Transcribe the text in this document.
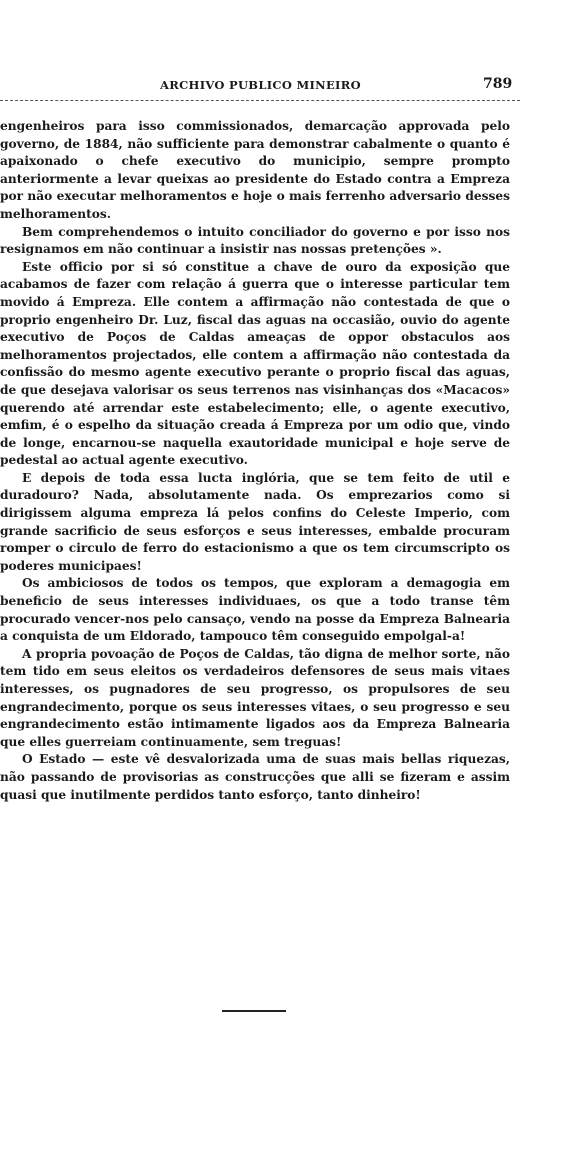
ARCHIVO PUBLICO MINEIRO	789

engenheiros para isso commissionados, demarcação approvada pelo governo, de 1884, não sufficiente para demonstrar cabalmente o quanto é apaixonado o chefe executivo do municipio, sempre prompto anteriormente a levar queixas ao presidente do Estado contra a Empreza por não executar melhoramentos e hoje o mais ferrenho adversario desses melhoramentos.

Bem comprehendemos o intuito conciliador do governo e por isso nos resignamos em não continuar a insistir nas nossas pretenções ».

Este officio por si só constitue a chave de ouro da exposição que acabamos de fazer com relação á guerra que o interesse particular tem movido á Empreza. Elle contem a affirmação não contestada de que o proprio engenheiro Dr. Luz, fiscal das aguas na occasião, ouvio do agente executivo de Poços de Caldas ameaças de oppor obstaculos aos melhoramentos projectados, elle contem a affirmação não contestada da confissão do mesmo agente executivo perante o proprio fiscal das aguas, de que desejava valorisar os seus terrenos nas visinhanças dos «Macacos» querendo até arrendar este estabelecimento; elle, o agente executivo, emfim, é o espelho da situação creada á Empreza por um odio que, vindo de longe, encarnou-se naquella exautoridade municipal e hoje serve de pedestal ao actual agente executivo.

E depois de toda essa lucta inglória, que se tem feito de util e duradouro? Nada, absolutamente nada. Os emprezarios como si dirigissem alguma empreza lá pelos confins do Celeste Imperio, com grande sacrificio de seus esforços e seus interesses, embalde procuram romper o circulo de ferro do estacionismo a que os tem circumscripto os poderes municipaes!

Os ambiciosos de todos os tempos, que exploram a demagogia em beneficio de seus interesses individuaes, os que a todo transe têm procurado vencer-nos pelo cansaço, vendo na posse da Empreza Balnearia a conquista de um Eldorado, tampouco têm conseguido empolgal-a!

A propria povoação de Poços de Caldas, tão digna de melhor sorte, não tem tido em seus eleitos os verdadeiros defensores de seus mais vitaes interesses, os pugnadores de seu progresso, os propulsores de seu engrandecimento, porque os seus interesses vitaes, o seu progresso e seu engrandecimento estão intimamente ligados aos da Empreza Balnearia que elles guerreiam continuamente, sem treguas!

O Estado — este vê desvalorizada uma de suas mais bellas riquezas, não passando de provisorias as construcções que alli se fizeram e assim quasi que inutilmente perdidos tanto esforço, tanto dinheiro!
